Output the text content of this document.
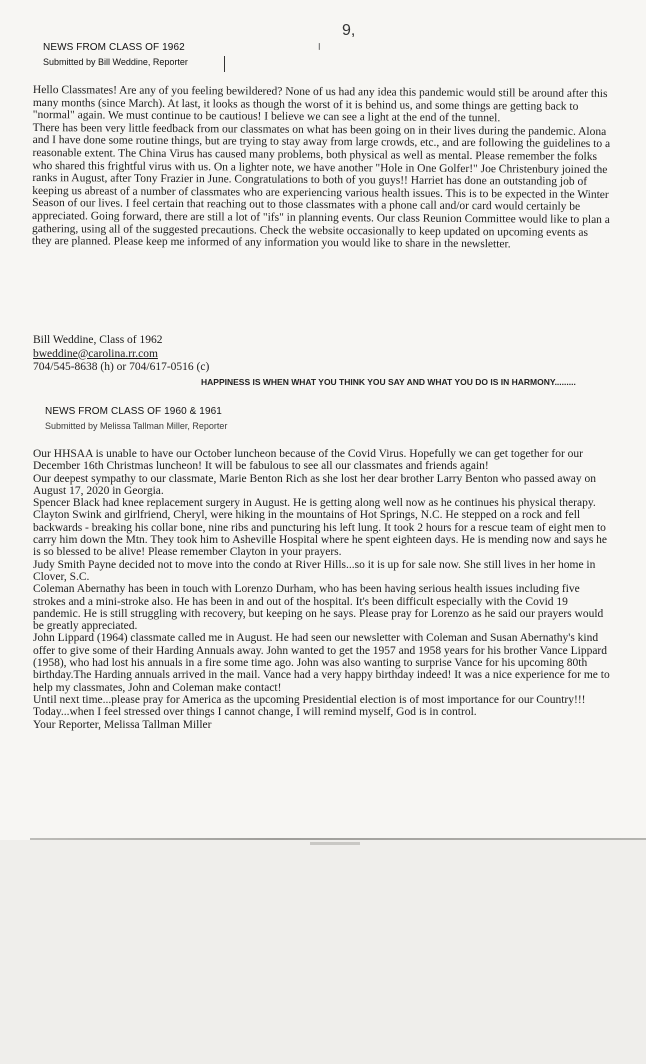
9,
ꞁ
NEWS FROM CLASS OF 1962
Submitted by Bill Weddine, Reporter

Hello Classmates! Are any of you feeling bewildered? None of us had any idea this pandemic would still be around after this many months (since March). At last, it looks as though the worst of it is behind us, and some things are getting back to "normal" again. We must continue to be cautious! I believe we can see a light at the end of the tunnel.

There has been very little feedback from our classmates on what has been going on in their lives during the pandemic. Alona and I have done some routine things, but are trying to stay away from large crowds, etc., and are following the guidelines to a reasonable extent. The China Virus has caused many problems, both physical as well as mental. Please remember the folks who shared this frightful virus with us. On a lighter note, we have another "Hole in One Golfer!" Joe Christenbury joined the ranks in August, after Tony Frazier in June. Congratulations to both of you guys!! Harriet has done an outstanding job of keeping us abreast of a number of classmates who are experiencing various health issues. This is to be expected in the Winter Season of our lives. I feel certain that reaching out to those classmates with a phone call and/or card would certainly be appreciated. Going forward, there are still a lot of "ifs" in planning events. Our class Reunion Committee would like to plan a gathering, using all of the suggested precautions. Check the website occasionally to keep updated on upcoming events as they are planned. Please keep me informed of any information you would like to share in the newsletter.

Bill Weddine, Class of 1962
bweddine@carolina.rr.com
704/545-8638 (h) or 704/617-0516 (c)
HAPPINESS IS WHEN WHAT YOU THINK YOU SAY AND WHAT YOU DO IS IN HARMONY.........
NEWS FROM CLASS OF 1960 & 1961
Submitted by Melissa Tallman Miller, Reporter

Our HHSAA is unable to have our October luncheon because of the Covid Virus. Hopefully we can get together for our December 16th Christmas luncheon! It will be fabulous to see all our classmates and friends again!

Our deepest sympathy to our classmate, Marie Benton Rich as she lost her dear brother Larry Benton who passed away on August 17, 2020 in Georgia.

Spencer Black had knee replacement surgery in August. He is getting along well now as he continues his physical therapy.

Clayton Swink and girlfriend, Cheryl, were hiking in the mountains of Hot Springs, N.C. He stepped on a rock and fell backwards - breaking his collar bone, nine ribs and puncturing his left lung. It took 2 hours for a rescue team of eight men to carry him down the Mtn. They took him to Asheville Hospital where he spent eighteen days. He is mending now and says he is so blessed to be alive! Please remember Clayton in your prayers.

Judy Smith Payne decided not to move into the condo at River Hills...so it is up for sale now. She still lives in her home in Clover, S.C.

Coleman Abernathy has been in touch with Lorenzo Durham, who has been having serious health issues including five strokes and a mini-stroke also. He has been in and out of the hospital. It's been difficult especially with the Covid 19 pandemic. He is still struggling with recovery, but keeping on he says. Please pray for Lorenzo as he said our prayers would be greatly appreciated.

John Lippard (1964) classmate called me in August. He had seen our newsletter with Coleman and Susan Abernathy's kind offer to give some of their Harding Annuals away. John wanted to get the 1957 and 1958 years for his brother Vance Lippard (1958), who had lost his annuals in a fire some time ago. John was also wanting to surprise Vance for his upcoming 80th birthday.The Harding annuals arrived in the mail. Vance had a very happy birthday indeed! It was a nice experience for me to help my classmates, John and Coleman make contact!

Until next time...please pray for America as the upcoming Presidential election is of most importance for our Country!!!

Today...when I feel stressed over things I cannot change, I will remind myself, God is in control.

Your Reporter, Melissa Tallman Miller
